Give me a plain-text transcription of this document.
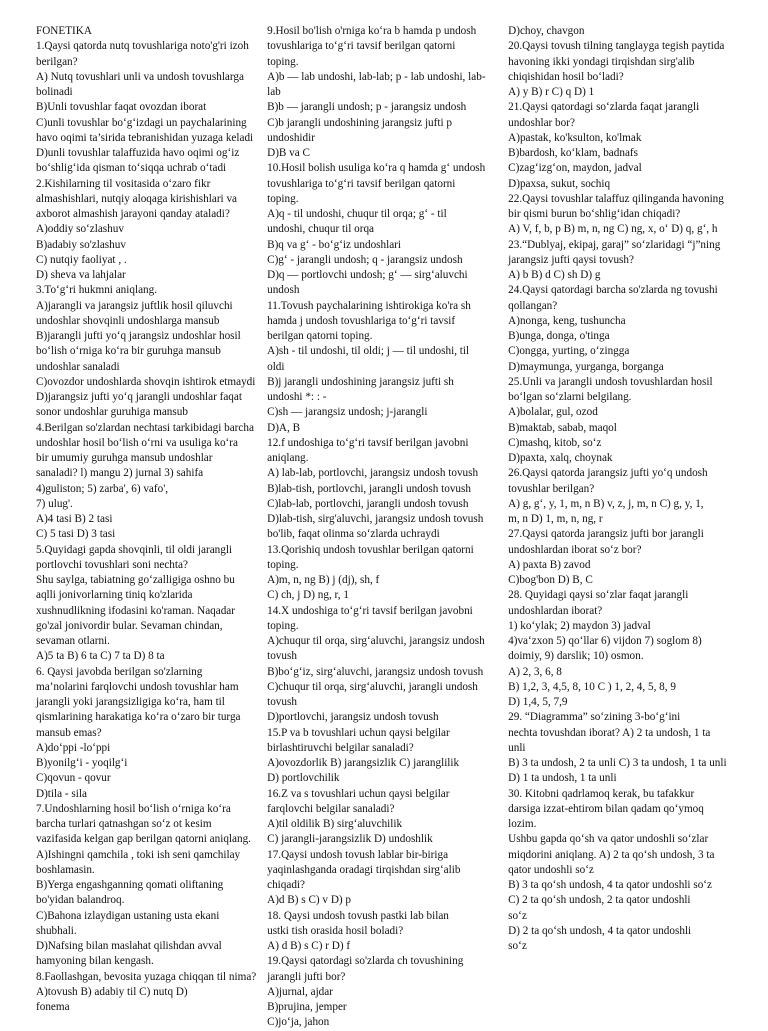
FONETIKA
1.Qaysi qatorda nutq tovushlariga noto'g'ri izoh
berilgan?
A) Nutq tovushlari unli va undosh tovushlarga
bolinadi
B)Unli tovushlar faqat ovozdan iborat
C)unli tovushlar bo‘g‘izdagi un paychalarining
havo oqimi ta’sirida tebranishidan yuzaga keladi
D)unli tovushlar talaffuzida havo oqimi og‘iz
bo‘shlig‘ida qisman to‘siqqa uchrab o‘tadi
2.Kishilarning til vositasida o‘zaro fikr
almashishlari, nutqiy aloqaga kirishishlari va
axborot almashish jarayoni qanday ataladi?
A)oddiy so‘zlashuv
B)adabiy so'zlashuv
C) nutqiy faoliyat , .
D) sheva va lahjalar
3.To‘g‘ri hukmni aniqlang.
A)jarangli va jarangsiz juftlik hosil qiluvchi
undoshlar shovqinli undoshlarga mansub
B)jarangli jufti yo‘q jarangsiz undoshlar hosil
bo‘lish o‘rniga ko‘ra bir guruhga mansub
undoshlar sanaladi
C)ovozdor undoshlarda shovqin ishtirok etmaydi
D)jarangsiz jufti yo‘q jarangli undoshlar faqat
sonor undoshlar guruhiga mansub
4.Berilgan so'zlardan nechtasi tarkibidagi barcha
undoshlar hosil bo‘lish o‘rni va usuliga ko‘ra
bir umumiy guruhga mansub undoshlar
sanaladi? l) mangu 2) jurnal 3) sahifa
4)guliston; 5) zarba', 6) vafo',
7) ulug'.
A)4 tasi B) 2 tasi
C) 5 tasi D) 3 tasi
5.Quyidagi gapda shovqinli, til oldi jarangli
portlovchi tovushlari soni nechta?
Shu saylga, tabiatning go‘zalligiga oshno bu
aqlli jonivorlarning tiniq ko'zlarida
xushnudlikning ifodasini ko'raman. Naqadar
go'zal jonivordir bular. Sevaman chindan,
sevaman otlarni.
A)5 ta B) 6 ta C) 7 ta D) 8 ta
6. Qaysi javobda berilgan so'zlarning
ma’nolarini farqlovchi undosh tovushlar ham
jarangli yoki jarangsizligiga ko‘ra, ham til
qismlarining harakatiga ko‘ra o‘zaro bir turga
mansub emas?
A)do‘ppi -lo‘ppi
B)yonilg‘i - yoqilg‘i
C)qovun - qovur
D)tila - sila
7.Undoshlarning hosil bo‘lish o‘rniga ko‘ra
barcha turlari qatnashgan so‘z ot kesim
vazifasida kelgan gap berilgan qatorni aniqlang.
A)Ishingni qamchila , toki ish seni qamchilay
boshlamasin.
B)Yerga engashganning qomati oliftaning
bo'yidan balandroq.
C)Bahona izlaydigan ustaning usta ekani
shubhali.
D)Nafsing bilan maslahat qilishdan avval
hamyoning bilan kengash.
8.Faollashgan, bevosita yuzaga chiqqan til nima?
A)tovush B) adabiy til C) nutq D)
fonema
9.Hosil bo'lish o'rniga ko‘ra b hamda p undosh
tovushlariga to‘g‘ri tavsif berilgan qatorni
toping.
A)b — lab undoshi, lab-lab; p - lab undoshi, lab-
lab
B)b — jarangli undosh; p - jarangsiz undosh
C)b jarangli undoshining jarangsiz jufti p
undoshidir
D)B va C
10.Hosil bolish usuliga ko‘ra q hamda g‘ undosh
tovushlariga to‘g‘ri tavsif berilgan qatorni
toping.
A)q - til undoshi, chuqur til orqa; g‘ - til
undoshi, chuqur til orqa
B)q va g‘ - bo‘g‘iz undoshlari
C)g‘ - jarangli undosh; q - jarangsiz undosh
D)q — portlovchi undosh; g‘ — sirg‘aluvchi
undosh
11.Tovush paychalarining ishtirokiga ko'ra sh
hamda j undosh tovushlariga to‘g‘ri tavsif
berilgan qatorni toping.
A)sh - til undoshi, til oldi; j — til undoshi, til
oldi
B)j jarangli undoshining jarangsiz jufti sh
undoshi *: : -
C)sh — jarangsiz undosh; j-jarangli
D)A, B
12.f undoshiga to‘g‘ri tavsif berilgan javobni
aniqlang.
A) lab-lab, portlovchi, jarangsiz undosh tovush
B)lab-tish, portlovchi, jarangli undosh tovush
C)lab-lab, portlovchi, jarangli undosh tovush
D)lab-tish, sirg'aluvchi, jarangsiz undosh tovush
bo'lib, faqat olinma so‘zlarda uchraydi
13.Qorishiq undosh tovushlar berilgan qatorni
toping.
A)m, n, ng B) j (dj), sh, f
C) ch, j D) ng, r, 1
14.X undoshiga to‘g‘ri tavsif berilgan javobni
toping.
A)chuqur til orqa, sirg‘aluvchi, jarangsiz undosh
tovush
B)bo‘g‘iz, sirg‘aluvchi, jarangsiz undosh tovush
C)chuqur til orqa, sirg‘aluvchi, jarangli undosh
tovush
D)portlovchi, jarangsiz undosh tovush
15.P va b tovushlari uchun qaysi belgilar
birlashtiruvchi belgilar sanaladi?
A)ovozdorlik B) jarangsizlik C) jaranglilik
D) portlovchilik
16.Z va s tovushlari uchun qaysi belgilar
farqlovchi belgilar sanaladi?
A)til oldilik B) sirg‘aluvchilik
C) jarangli-jarangsizlik D) undoshlik
17.Qaysi undosh tovush lablar bir-biriga
yaqinlashganda oradagi tirqishdan sirg‘alib
chiqadi?
A)d B) s C) v D) p
18. Qaysi undosh tovush pastki lab bilan
ustki tish orasida hosil boladi?
A) d B) s C) r D) f
19.Qaysi qatordagi so'zlarda ch tovushining
jarangli jufti bor?
A)jurnal, ajdar
B)prujina, jemper
C)jo‘ja, jahon
D)choy, chavgon
20.Qaysi tovush tilning tanglayga tegish paytida
havoning ikki yondagi tirqishdan sirg'alib
chiqishidan hosil bo‘ladi?
A) y B) r C) q D) 1
21.Qaysi qatordagi so‘zlarda faqat jarangli
undoshlar bor?
A)pastak, ko'ksulton, ko'lmak
B)bardosh, ko‘klam, badnafs
C)zag‘izg‘on, maydon, jadval
D)paxsa, sukut, sochiq
22.Qaysi tovushlar talaffuz qilinganda havoning
bir qismi burun bo‘shlig‘idan chiqadi?
A) V, f, b, p B) m, n, ng C) ng, x, o‘ D) q, g‘, h
23.“Dublyaj, ekipaj, garaj” so‘zlaridagi “j”ning
jarangsiz jufti qaysi tovush?
A) b B) d C) sh D) g
24.Qaysi qatordagi barcha so'zlarda ng tovushi
qollangan?
A)nonga, keng, tushuncha
B)unga, donga, o'tinga
C)ongga, yurting, o‘zingga
D)maymunga, yurganga, borganga
25.Unli va jarangli undosh tovushlardan hosil
bo‘lgan so‘zlarni belgilang.
A)bolalar, gul, ozod
B)maktab, sabab, maqol
C)mashq, kitob, so‘z
D)paxta, xalq, choynak
26.Qaysi qatorda jarangsiz jufti yo‘q undosh
tovushlar berilgan?
A) g, g‘, y, 1, m, n B) v, z, j, m, n C) g, y, 1,
m, n D) 1, m, n, ng, r
27.Qaysi qatorda jarangsiz jufti bor jarangli
undoshlardan iborat so‘z bor?
A) paxta B) zavod
C)bog'bon D) B, C
28. Quyidagi qaysi so‘zlar faqat jarangli
undoshlardan iborat?
1) ko‘ylak; 2) maydon 3) jadval
4)va‘zxon 5) qo‘llar 6) vijdon 7) soglom 8)
doimiy, 9) darslik; 10) osmon.
A) 2, 3, 6, 8
B) 1,2, 3, 4,5, 8, 10 C ) 1, 2, 4, 5, 8, 9
D) 1,4, 5, 7,9
29. “Diagramma” so‘zining 3-bo‘g‘ini
nechta tovushdan iborat? A) 2 ta undosh, 1 ta
unli
B) 3 ta undosh, 2 ta unli C) 3 ta undosh, 1 ta unli
D) 1 ta undosh, 1 ta unli
30. Kitobni qadrlamoq kerak, bu tafakkur
darsiga izzat-ehtirom bilan qadam qo‘ymoq
lozim.
Ushbu gapda qo‘sh va qator undoshli so‘zlar
miqdorini aniqlang. A) 2 ta qo‘sh undosh, 3 ta
qator undoshli so‘z
B) 3 ta qo‘sh undosh, 4 ta qator undoshli so‘z
C) 2 ta qo‘sh undosh, 2 ta qator undoshli
so‘z
D) 2 ta qo‘sh undosh, 4 ta qator undoshli
so‘z
